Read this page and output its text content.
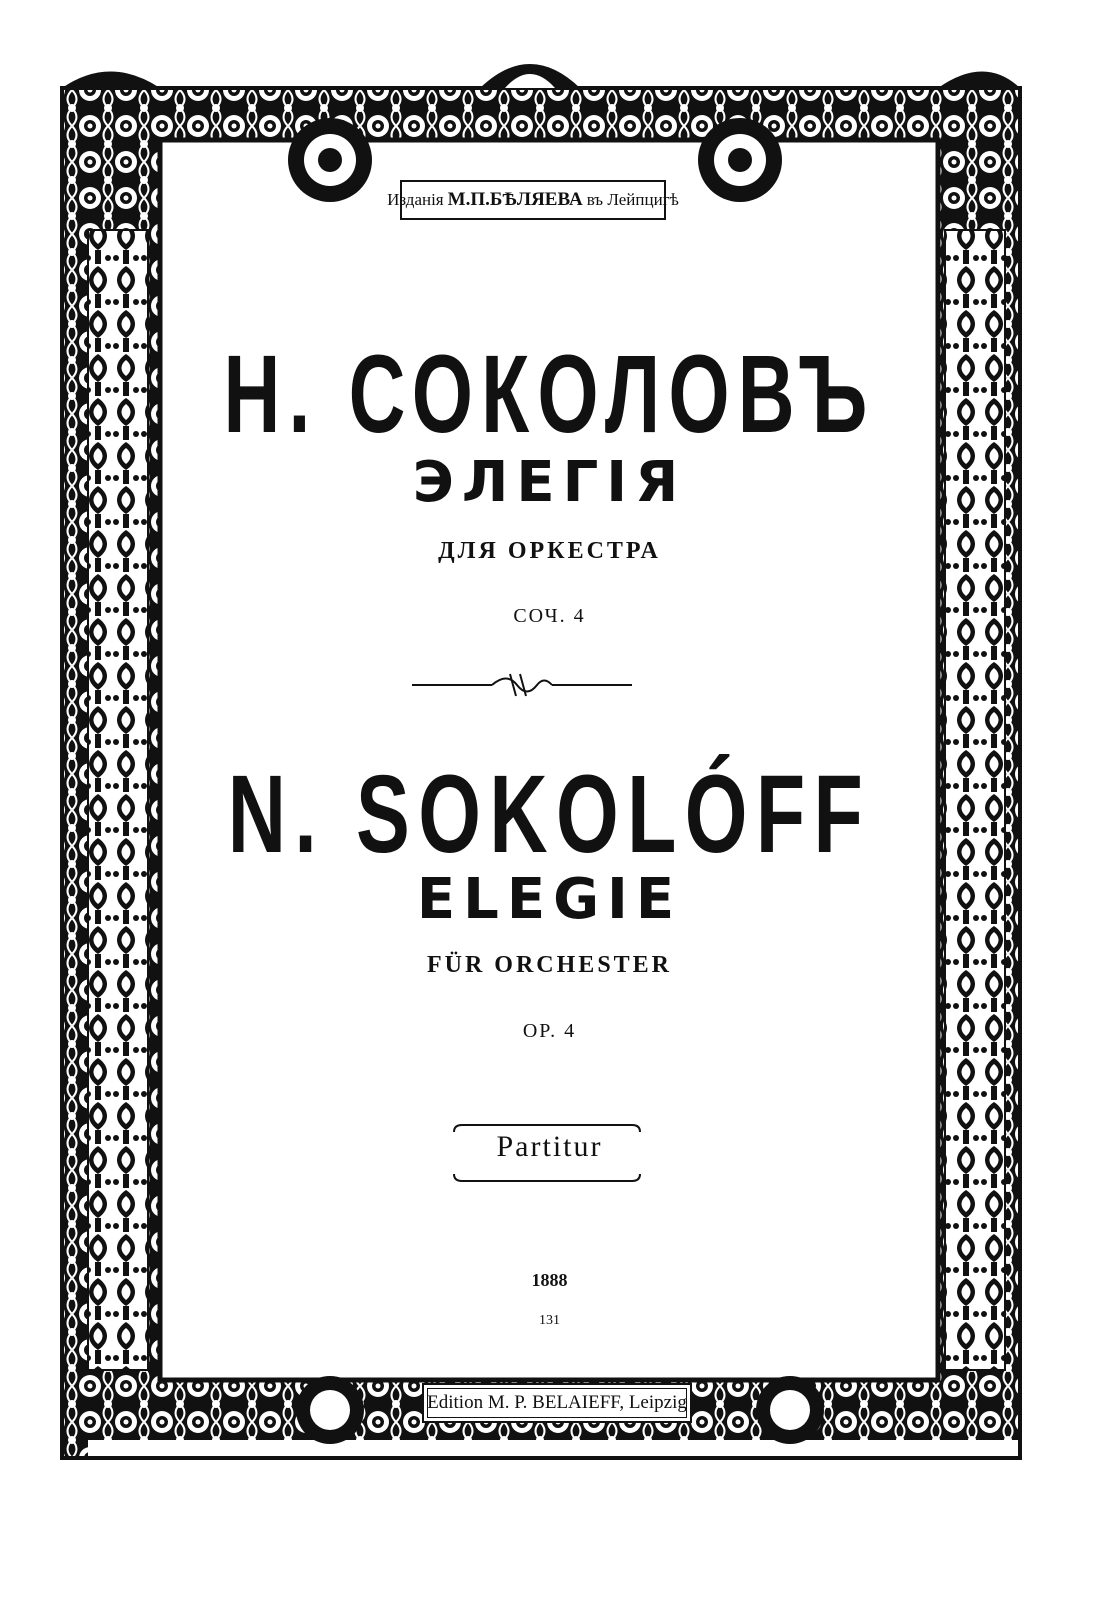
Изданія М.П.БѢЛЯЕВА въ Лейпцигѣ
Н. СОКОЛОВЪ
ЭЛЕГІЯ
ДЛЯ ОРКЕСТРА
СОЧ. 4
N. SOKOLÓFF
ELEGIE
FÜR ORCHESTER
OP. 4
Partitur
1888
131
Edition M. P. BELAIEFF, Leipzig
